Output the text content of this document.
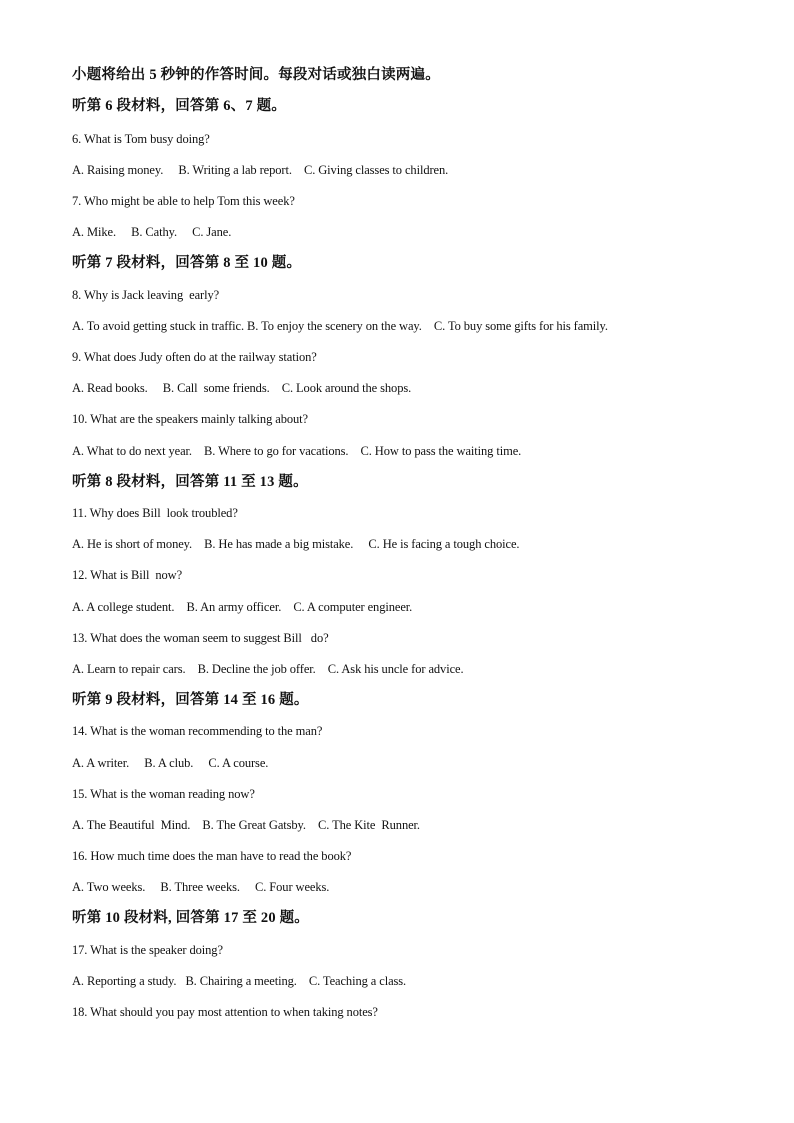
小题将给出 5 秒钟的作答时间。每段对话或独白读两遍。
听第 6 段材料，回答第 6、7 题。
6. What is Tom busy doing?
A. Raising money.     B. Writing a lab report.    C. Giving classes to children.
7. Who might be able to help Tom this week?
A. Mike.     B. Cathy.     C. Jane.
听第 7 段材料，回答第 8 至 10 题。
8. Why is Jack leaving  early?
A. To avoid getting stuck in traffic. B. To enjoy the scenery on the way.    C. To buy some gifts for his family.
9. What does Judy often do at the railway station?
A. Read books.     B. Call  some friends.    C. Look around the shops.
10. What are the speakers mainly talking about?
A. What to do next year.    B. Where to go for vacations.    C. How to pass the waiting time.
听第 8 段材料，回答第 11 至 13 题。
11. Why does Bill  look troubled?
A. He is short of money.    B. He has made a big mistake.     C. He is facing a tough choice.
12. What is Bill  now?
A. A college student.    B. An army officer.    C. A computer engineer.
13. What does the woman seem to suggest Bill   do?
A. Learn to repair cars.    B. Decline the job offer.    C. Ask his uncle for advice.
听第 9 段材料，回答第 14 至 16 题。
14. What is the woman recommending to the man?
A. A writer.     B. A club.     C. A course.
15. What is the woman reading now?
A. The Beautiful  Mind.    B. The Great Gatsby.    C. The Kite  Runner.
16. How much time does the man have to read the book?
A. Two weeks.     B. Three weeks.     C. Four weeks.
听第 10 段材料, 回答第 17 至 20 题。
17. What is the speaker doing?
A. Reporting a study.   B. Chairing a meeting.    C. Teaching a class.
18. What should you pay most attention to when taking notes?
